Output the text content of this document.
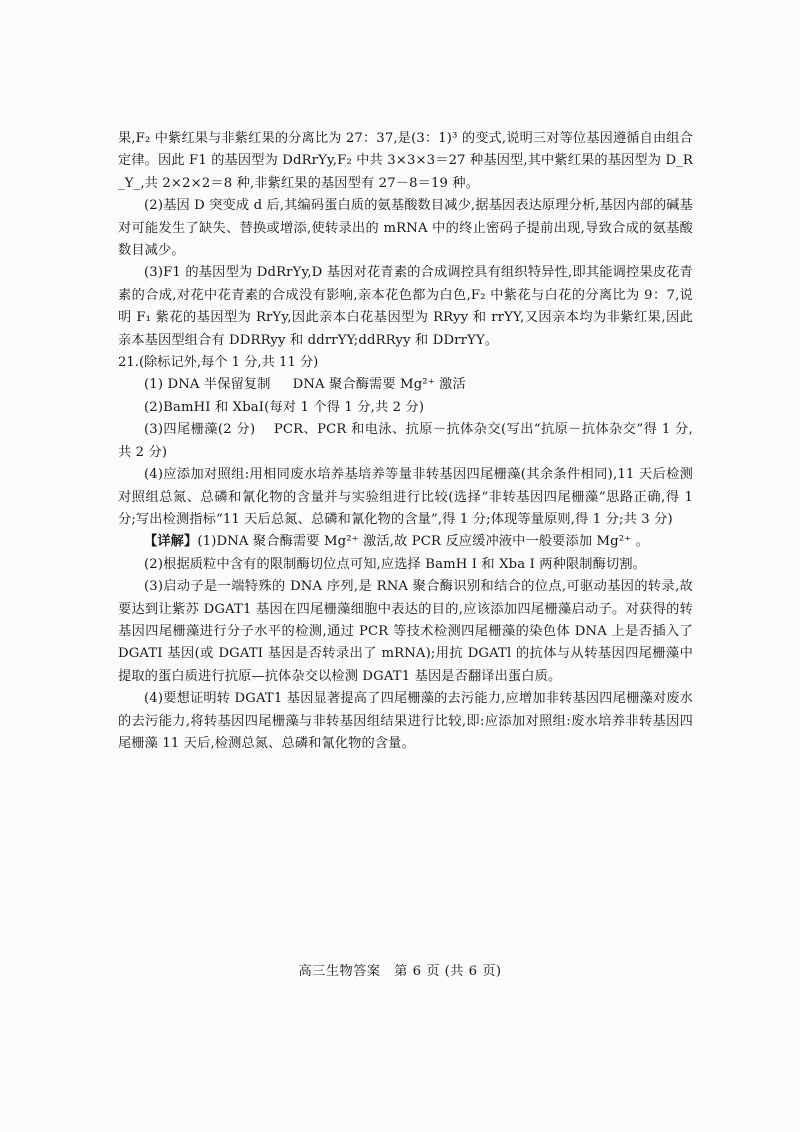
果,F₂ 中紫红果与非紫红果的分离比为 27：37,是(3：1)³ 的变式,说明三对等位基因遵循自由组合定律。因此 F1 的基因型为 DdRrYy,F₂ 中共 3×3×3＝27 种基因型,其中紫红果的基因型为 D_R_Y_,共 2×2×2＝8 种,非紫红果的基因型有 27－8＝19 种。

(2)基因 D 突变成 d 后,其编码蛋白质的氨基酸数目减少,据基因表达原理分析,基因内部的碱基对可能发生了缺失、替换或增添,使转录出的 mRNA 中的终止密码子提前出现,导致合成的氨基酸数目减少。

(3)F1 的基因型为 DdRrYy,D 基因对花青素的合成调控具有组织特异性,即其能调控果皮花青素的合成,对花中花青素的合成没有影响,亲本花色都为白色,F₂ 中紫花与白花的分离比为 9：7,说明 F₁ 紫花的基因型为 RrYy,因此亲本白花基因型为 RRyy 和 rrYY,又因亲本均为非紫红果,因此亲本基因型组合有 DDRRyy 和 ddrrYY;ddRRyy 和 DDrrYY。

21.(除标记外,每个 1 分,共 11 分)

(1) DNA 半保留复制 DNA 聚合酶需要 Mg²⁺ 激活

(2)BamHI 和 XbaI(每对 1 个得 1 分,共 2 分)

(3)四尾栅藻(2 分)　 PCR、PCR 和电泳、抗原－抗体杂交(写出“抗原－抗体杂交”得 1 分,共 2 分)

(4)应添加对照组:用相同废水培养基培养等量非转基因四尾栅藻(其余条件相同),11 天后检测对照组总氮、总磷和氰化物的含量并与实验组进行比较(选择“非转基因四尾栅藻”思路正确,得 1 分;写出检测指标“11 天后总氮、总磷和氰化物的含量”,得 1 分;体现等量原则,得 1 分;共 3 分)

【详解】(1)DNA 聚合酶需要 Mg²⁺ 激活,故 PCR 反应缓冲液中一般要添加 Mg²⁺ 。

(2)根据质粒中含有的限制酶切位点可知,应选择 BamH Ⅰ 和 Xba Ⅰ 两种限制酶切割。

(3)启动子是一端特殊的 DNA 序列,是 RNA 聚合酶识别和结合的位点,可驱动基因的转录,故要达到让紫苏 DGAT1 基因在四尾栅藻细胞中表达的目的,应该添加四尾栅藻启动子。对获得的转基因四尾栅藻进行分子水平的检测,通过 PCR 等技术检测四尾栅藻的染色体 DNA 上是否插入了 DGATI 基因(或 DGATI 基因是否转录出了 mRNA);用抗 DGATl 的抗体与从转基因四尾栅藻中提取的蛋白质进行抗原—抗体杂交以检测 DGAT1 基因是否翻译出蛋白质。

(4)要想证明转 DGAT1 基因显著提高了四尾栅藻的去污能力,应增加非转基因四尾栅藻对废水的去污能力,将转基因四尾栅藻与非转基因组结果进行比较,即:应添加对照组:废水培养非转基因四尾栅藻 11 天后,检测总氮、总磷和氰化物的含量。

高三生物答案　第 6 页 (共 6 页)
